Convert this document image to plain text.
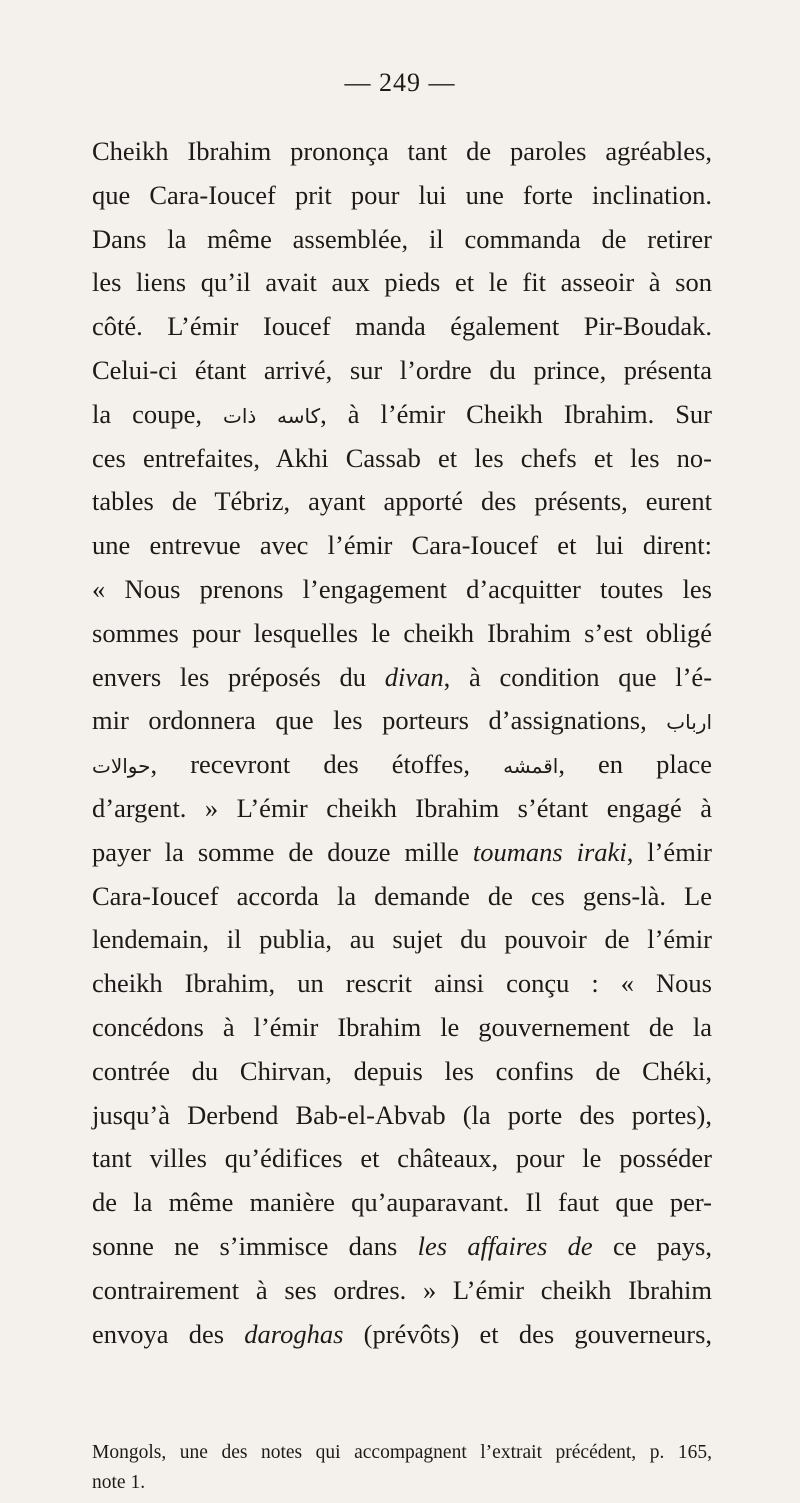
— 249 —
Cheikh Ibrahim prononça tant de paroles agréables,
que Cara-Ioucef prit pour lui une forte inclination.
Dans la même assemblée, il commanda de retirer
les liens qu’il avait aux pieds et le fit asseoir à son
côté. L’émir Ioucef manda également Pir-Boudak.
Celui-ci étant arrivé, sur l’ordre du prince, présenta
la coupe, كاسه ذات, à l’émir Cheikh Ibrahim. Sur
ces entrefaites, Akhi Cassab et les chefs et les no-
tables de Tébriz, ayant apporté des présents, eurent
une entrevue avec l’émir Cara-Ioucef et lui dirent:
« Nous prenons l’engagement d’acquitter toutes les
sommes pour lesquelles le cheikh Ibrahim s’est obligé
envers les préposés du divan, à condition que l’é-
mir ordonnera que les porteurs d’assignations, ارباب
حوالات, recevront des étoffes, اقمشه, en place
d’argent. » L’émir cheikh Ibrahim s’étant engagé à
payer la somme de douze mille toumans iraki, l’émir
Cara-Ioucef accorda la demande de ces gens-là. Le
lendemain, il publia, au sujet du pouvoir de l’émir
cheikh Ibrahim, un rescrit ainsi conçu : « Nous
concédons à l’émir Ibrahim le gouvernement de la
contrée du Chirvan, depuis les confins de Chéki,
jusqu’à Derbend Bab-el-Abvab (la porte des portes),
tant villes qu’édifices et châteaux, pour le posséder
de la même manière qu’auparavant. Il faut que per-
sonne ne s’immisce dans les affaires de ce pays,
contrairement à ses ordres. » L’émir cheikh Ibrahim
envoya des daroghas (prévôts) et des gouverneurs,
Mongols, une des notes qui accompagnent l’extrait précédent, p. 165,
note 1.
